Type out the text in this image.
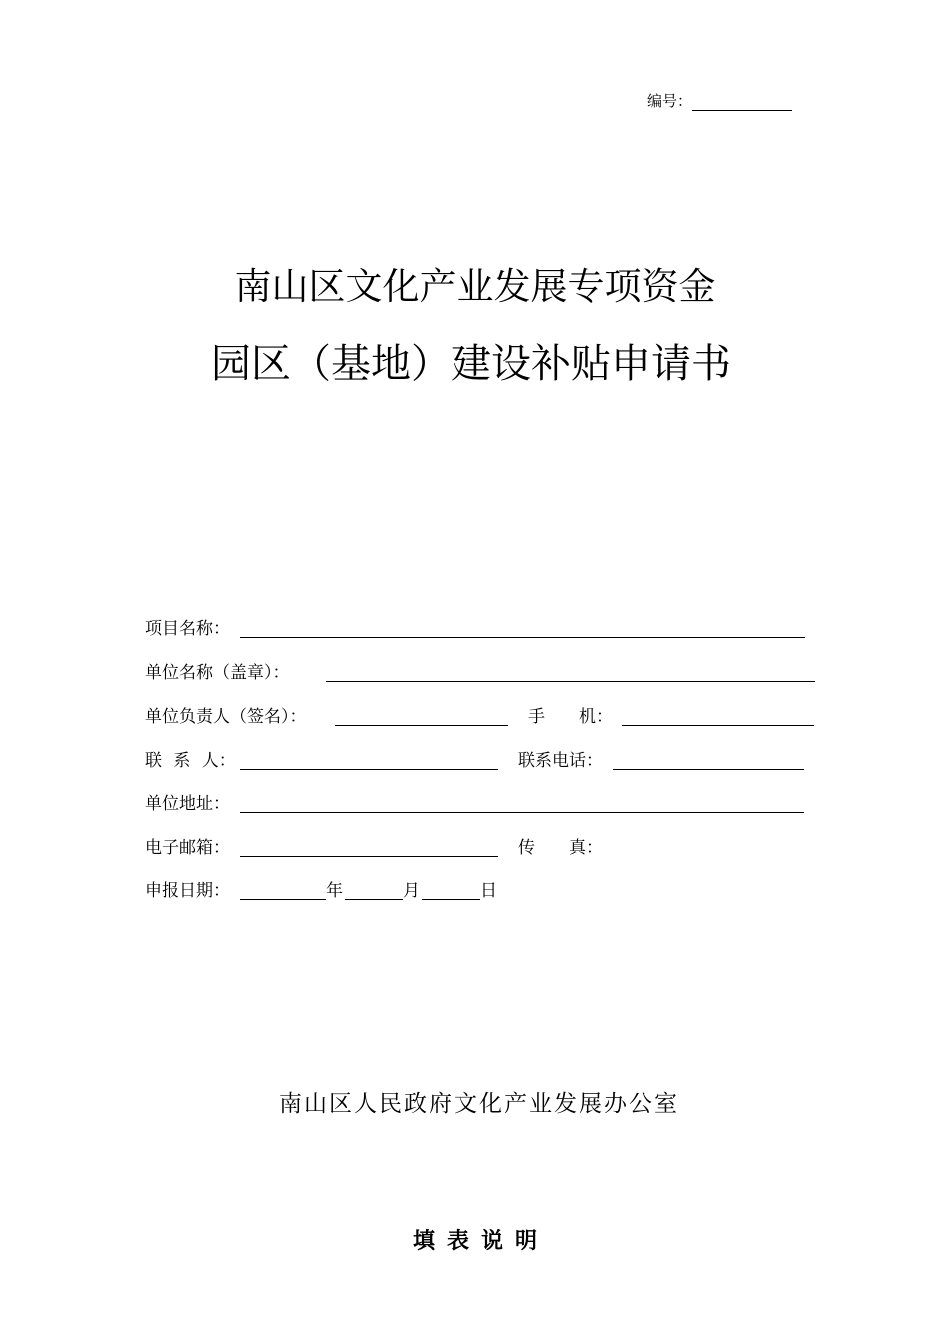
编号：
南山区文化产业发展专项资金
园区（基地）建设补贴申请书
项目名称：
单位名称（盖章）：
单位负责人（签名）：	手　　机：
联 系 人：	联系电话：
单位地址：
电子邮箱：	传　　真：
申报日期：	年	月	日
南山区人民政府文化产业发展办公室
填表说明
